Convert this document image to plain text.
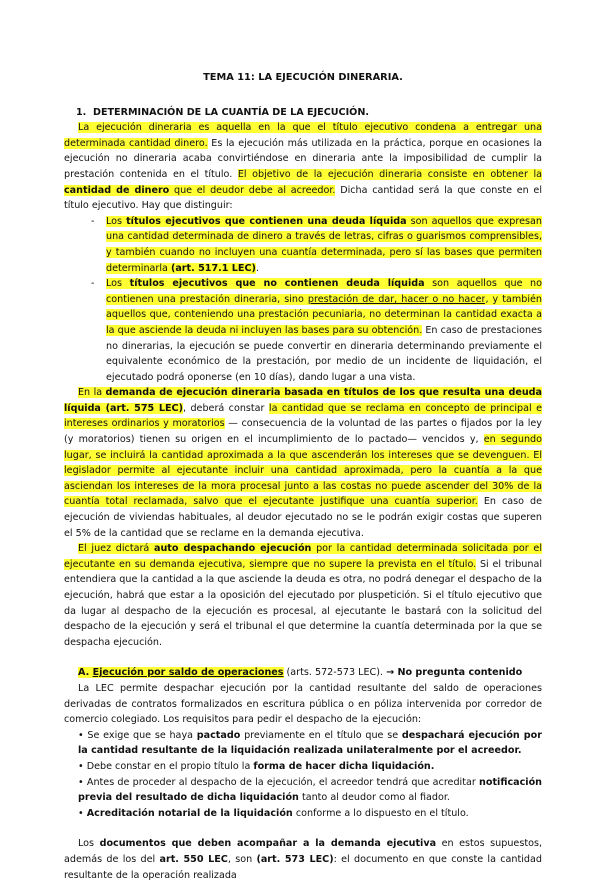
TEMA 11: LA EJECUCIÓN DINERARIA.

1. DETERMINACIÓN DE LA CUANTÍA DE LA EJECUCIÓN.

La ejecución dineraria es aquella en la que el título ejecutivo condena a entregar una determinada cantidad dinero. Es la ejecución más utilizada en la práctica, porque en ocasiones la ejecución no dineraria acaba convirtiéndose en dineraria ante la imposibilidad de cumplir la prestación contenida en el título. El objetivo de la ejecución dineraria consiste en obtener la cantidad de dinero que el deudor debe al acreedor. Dicha cantidad será la que conste en el título ejecutivo. Hay que distinguir:

- Los títulos ejecutivos que contienen una deuda líquida son aquellos que expresan una cantidad determinada de dinero a través de letras, cifras o guarismos comprensibles, y también cuando no incluyen una cuantía determinada, pero sí las bases que permiten determinarla (art. 517.1 LEC).

- Los títulos ejecutivos que no contienen deuda líquida son aquellos que no contienen una prestación dineraria, sino prestación de dar, hacer o no hacer, y también aquellos que, conteniendo una prestación pecuniaria, no determinan la cantidad exacta a la que asciende la deuda ni incluyen las bases para su obtención. En caso de prestaciones no dinerarias, la ejecución se puede convertir en dineraria determinando previamente el equivalente económico de la prestación, por medio de un incidente de liquidación, el ejecutado podrá oponerse (en 10 días), dando lugar a una vista.

En la demanda de ejecución dineraria basada en títulos de los que resulta una deuda líquida (art. 575 LEC), deberá constar la cantidad que se reclama en concepto de principal e intereses ordinarios y moratorios — consecuencia de la voluntad de las partes o fijados por la ley (y moratorios) tienen su origen en el incumplimiento de lo pactado— vencidos y, en segundo lugar, se incluirá la cantidad aproximada a la que ascenderán los intereses que se devenguen. El legislador permite al ejecutante incluir una cantidad aproximada, pero la cuantía a la que asciendan los intereses de la mora procesal junto a las costas no puede ascender del 30% de la cuantía total reclamada, salvo que el ejecutante justifique una cuantía superior. En caso de ejecución de viviendas habituales, al deudor ejecutado no se le podrán exigir costas que superen el 5% de la cantidad que se reclame en la demanda ejecutiva.

El juez dictará auto despachando ejecución por la cantidad determinada solicitada por el ejecutante en su demanda ejecutiva, siempre que no supere la prevista en el título. Si el tribunal entendiera que la cantidad a la que asciende la deuda es otra, no podrá denegar el despacho de la ejecución, habrá que estar a la oposición del ejecutado por pluspetición. Si el título ejecutivo que da lugar al despacho de la ejecución es procesal, al ejecutante le bastará con la solicitud del despacho de la ejecución y será el tribunal el que determine la cuantía determinada por la que se despacha ejecución.

A. Ejecución por saldo de operaciones (arts. 572-573 LEC). → No pregunta contenido

La LEC permite despachar ejecución por la cantidad resultante del saldo de operaciones derivadas de contratos formalizados en escritura pública o en póliza intervenida por corredor de comercio colegiado. Los requisitos para pedir el despacho de la ejecución:

• Se exige que se haya pactado previamente en el título que se despachará ejecución por la cantidad resultante de la liquidación realizada unilateralmente por el acreedor.

• Debe constar en el propio título la forma de hacer dicha liquidación.

• Antes de proceder al despacho de la ejecución, el acreedor tendrá que acreditar notificación previa del resultado de dicha liquidación tanto al deudor como al fiador.

• Acreditación notarial de la liquidación conforme a lo dispuesto en el título.

Los documentos que deben acompañar a la demanda ejecutiva en estos supuestos, además de los del art. 550 LEC, son (art. 573 LEC): el documento en que conste la cantidad resultante de la operación realizada
